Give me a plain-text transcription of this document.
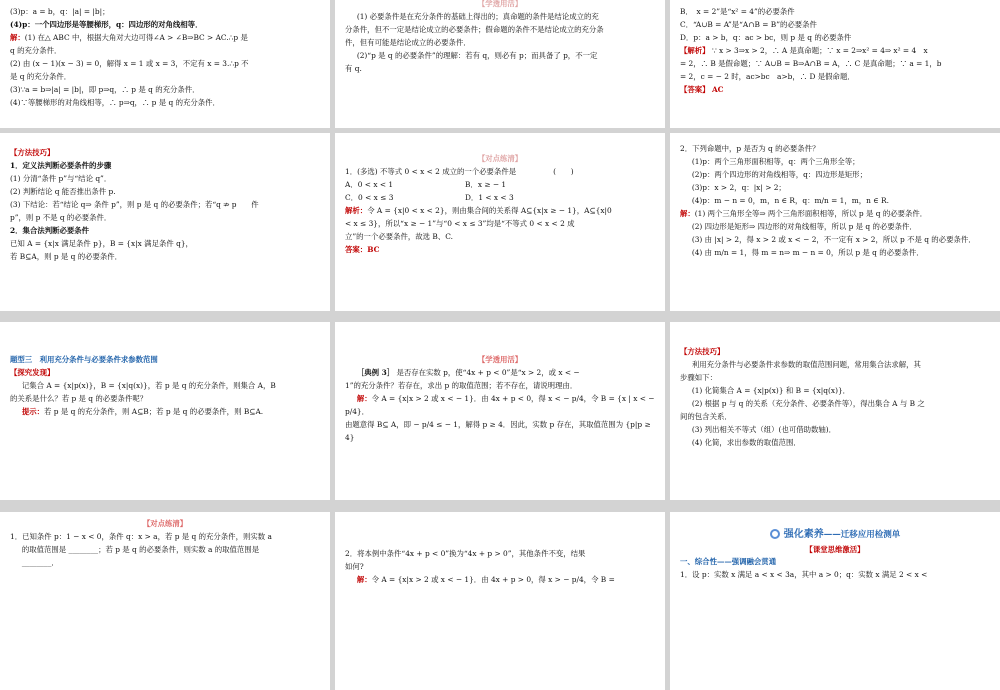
(3)p：a = b，q：|a| = |b|；

(4)p：一个四边形是等腰梯形，q：四边形的对角线相等．

解：(1) 在△ ABC 中，根据大角对大边可得∠A > ∠B⇒BC > AC.∴p 是

q 的充分条件．

(2) 由 (x − 1)(x − 3) = 0，解得 x = 1 或 x = 3，不定有 x = 3.∴p 不

是 q 的充分条件．

(3)∵a = b⇒|a| = |b|，即 p⇒q，∴ p 是 q 的充分条件．

(4)∵等腰梯形的对角线相等，∴ p⇒q，∴ p 是 q 的充分条件．

【学透用活】

(1) 必要条件是在充分条件的基础上得出的；真命题的条件是结论成立的充

分条件，但不一定是结论成立的必要条件；假命题的条件不是结论成立的充分条

件，但有可能是结论成立的必要条件．

(2)“p 是 q 的必要条件”的理解：若有 q，则必有 p；而具备了 p，不一定

有 q.

B．　x = 2”是“x² = 4”的必要条件

C．“A∪B = A”是“A∩B = B”的必要条件

D．p：a > b，q：ac > bc，则 p 是 q 的必要条件

【解析】 ∵ x > 3⇒x > 2，∴ A 是真命题；∵ x = 2⇒x² = 4⇒ x² = 4　x

= 2，∴ B 是假命题；∵ A∪B = B⇒A∩B = A，∴ C 是真命题；∵ a = 1，b

= 2，c = − 2 时，ac>bc　a>b，∴ D 是假命题．

【答案】 AC

【方法技巧】

1．定义法判断必要条件的步骤

(1) 分清“条件 p”与“结论 q”．

(2) 判断结论 q 能否推出条件 p.

(3) 下结论：若“结论 q⇒ 条件 p”，则 p 是 q 的必要条件；若“q ⇏ p　　件

p”，则 p 不是 q 的必要条件．

2．集合法判断必要条件

已知 A = {x|x 满足条件 p}，B = {x|x 满足条件 q}，

若 B⊆A，则 p 是 q 的必要条件．

【对点练清】

1．(多选) 不等式 0 < x < 2 成立的一个必要条件是　　　　　(　　)

A．0 < x < 1	B．x ≥ − 1

C．0 < x ≤ 3	D．1 < x < 3

解析：令 A = {x|0 < x < 2}，则由集合间的关系得 A⊆{x|x ≥ − 1}，A⊆{x|0

< x ≤ 3}，所以“x ≥ − 1”与“0 < x ≤ 3”均是“不等式 0 < x < 2 成

立”的一个必要条件，故选 B、C.

答案：BC

2．下列命题中，p 是否为 q 的必要条件？

(1)p：两个三角形面积相等，q：两个三角形全等；

(2)p：两个四边形的对角线相等，q：四边形是矩形；

(3)p：x > 2，q：|x| > 2；

(4)p：m − n = 0，m，n ∈ R，q：m/n = 1，m，n ∈ R.

解：(1) 两个三角形全等⇒ 两个三角形面积相等，所以 p 是 q 的必要条件．

(2) 四边形是矩形⇒ 四边形的对角线相等，所以 p 是 q 的必要条件．

(3) 由 |x| > 2，得 x > 2 或 x < − 2，不一定有 x > 2，所以 p 不是 q 的必要条件．

(4) 由 m/n = 1，得 m = n⇒ m − n = 0，所以 p 是 q 的必要条件．

题型三　利用充分条件与必要条件求参数范围

【探究发现】

记集合 A = {x|p(x)}，B = {x|q(x)}，若 p 是 q 的充分条件，则集合 A，B

的关系是什么？若 p 是 q 的必要条件呢？

提示：若 p 是 q 的充分条件，则 A⊆B；若 p 是 q 的必要条件，则 B⊆A.

【学透用活】

［典例 3］ 是否存在实数 p，使“4x + p < 0”是“x > 2，或 x < −

1”的充分条件？若存在，求出 p 的取值范围；若不存在，请说明理由．

解：令 A = {x|x > 2 或 x < − 1}．由 4x + p < 0，得 x < − p/4，令 B = {x | x < − p/4}．

由题意得 B⊆ A，即 − p/4 ≤ − 1，解得 p ≥ 4．因此，实数 p 存在，其取值范围为 {p|p ≥ 4}

【方法技巧】

利用充分条件与必要条件求参数的取值范围问题，常用集合法求解，其

步骤如下：

(1) 化简集合 A = {x|p(x)} 和 B = {x|q(x)}．

(2) 根据 p 与 q 的关系（充分条件、必要条件等），得出集合 A 与 B 之

间的包含关系．

(3) 列出相关不等式（组）(也可借助数轴)．

(4) 化简，求出参数的取值范围．

【对点练清】

1．已知条件 p：1 − x < 0，条件 q：x > a，若 p 是 q 的充分条件，则实数 a

的取值范围是 ________；若 p 是 q 的必要条件，则实数 a 的取值范围是

________．

2．将本例中条件“4x + p < 0”换为“4x + p > 0”，其他条件不变，结果

如何?

解：令 A = {x|x > 2 或 x < − 1}．由 4x + p > 0，得 x > − p/4，令 B =

强化素养——迁移应用检测单

【课堂思维激活】

一、综合性——强调融会贯通

1．设 p：实数 x 满足 a < x < 3a，其中 a > 0；q：实数 x 满足 2 < x <
